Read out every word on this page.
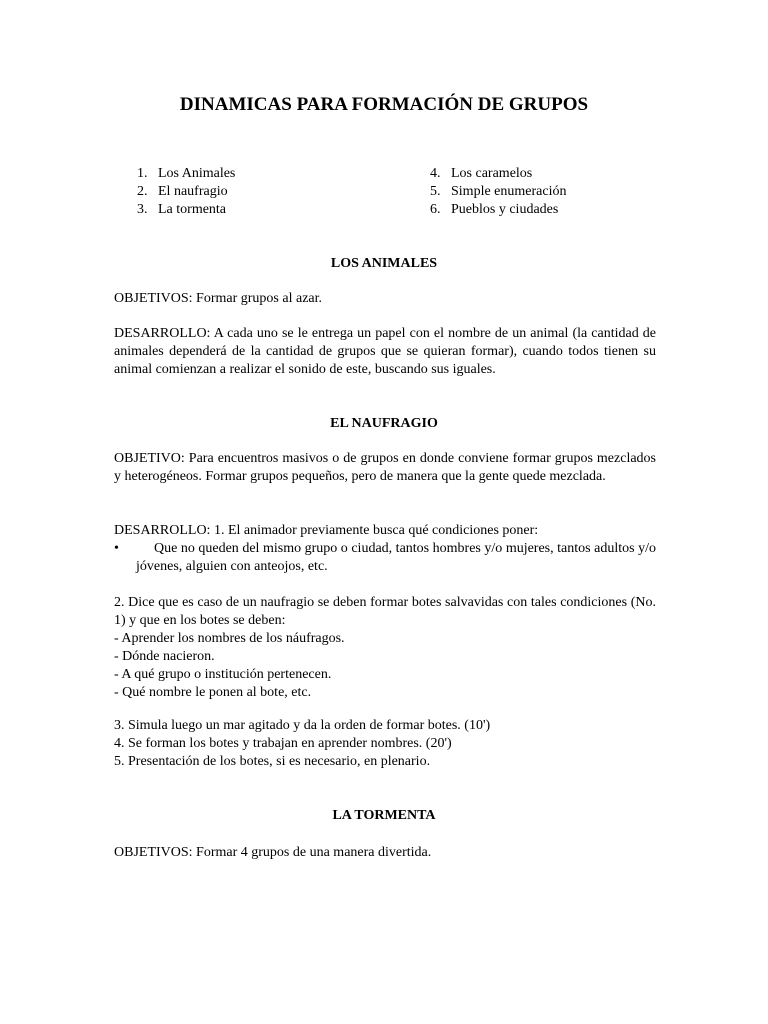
DINAMICAS PARA FORMACIÓN DE GRUPOS
1. Los Animales
2. El naufragio
3. La tormenta
4. Los caramelos
5. Simple enumeración
6. Pueblos y ciudades
LOS ANIMALES

OBJETIVOS: Formar grupos al azar.

DESARROLLO: A cada uno se le entrega un papel con el nombre de un animal (la cantidad de animales dependerá de la cantidad de grupos que se quieran formar), cuando todos tienen su animal comienzan a realizar el sonido de este, buscando sus iguales.

EL NAUFRAGIO

OBJETIVO: Para encuentros masivos o de grupos en donde conviene formar grupos mezclados y heterogéneos. Formar grupos pequeños, pero de manera que la gente quede mezclada.

DESARROLLO: 1. El animador previamente busca qué condiciones poner:
•	Que no queden del mismo grupo o ciudad, tantos hombres y/o mujeres, tantos adultos y/o jóvenes, alguien con anteojos, etc.
2. Dice que es caso de un naufragio se deben formar botes salvavidas con tales condiciones (No. 1) y que en los botes se deben:
- Aprender los nombres de los náufragos.
- Dónde nacieron.
- A qué grupo o institución pertenecen.
- Qué nombre le ponen al bote, etc.
3. Simula luego un mar agitado y da la orden de formar botes. (10')
4. Se forman los botes y trabajan en aprender nombres. (20')
5. Presentación de los botes, si es necesario, en plenario.
LA TORMENTA

OBJETIVOS: Formar 4 grupos de una manera divertida.
